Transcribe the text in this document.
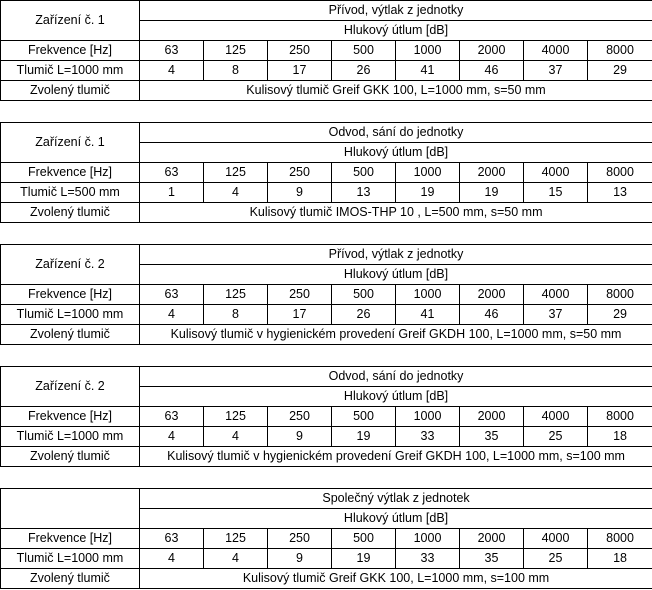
Zařízení č. 1	Přívod, výtlak z jednotky							
	Hlukový útlum [dB]							
Frekvence [Hz]	63	125	250	500	1000	2000	4000	8000
Tlumič L=1000 mm	4	8	17	26	41	46	37	29
Zvolený tlumič	Kulisový tlumič Greif GKK 100, L=1000 mm, s=50 mm							
Zařízení č. 1	Odvod, sání do jednotky							
	Hlukový útlum [dB]							
Frekvence [Hz]	63	125	250	500	1000	2000	4000	8000
Tlumič L=500 mm	1	4	9	13	19	19	15	13
Zvolený tlumič	Kulisový tlumič IMOS-THP 10 , L=500 mm, s=50 mm							
Zařízení č. 2	Přívod, výtlak z jednotky							
	Hlukový útlum [dB]							
Frekvence [Hz]	63	125	250	500	1000	2000	4000	8000
Tlumič L=1000 mm	4	8	17	26	41	46	37	29
Zvolený tlumič	Kulisový tlumič v hygienickém provedení Greif GKDH 100, L=1000 mm, s=50 mm							
Zařízení č. 2	Odvod, sání do jednotky							
	Hlukový útlum [dB]							
Frekvence [Hz]	63	125	250	500	1000	2000	4000	8000
Tlumič L=1000 mm	4	4	9	19	33	35	25	18
Zvolený tlumič	Kulisový tlumič v hygienickém provedení Greif GKDH 100, L=1000 mm, s=100 mm							
	Společný výtlak z jednotek							
	Hlukový útlum [dB]							
Frekvence [Hz]	63	125	250	500	1000	2000	4000	8000
Tlumič L=1000 mm	4	4	9	19	33	35	25	18
Zvolený tlumič	Kulisový tlumič Greif GKK 100, L=1000 mm, s=100 mm							
